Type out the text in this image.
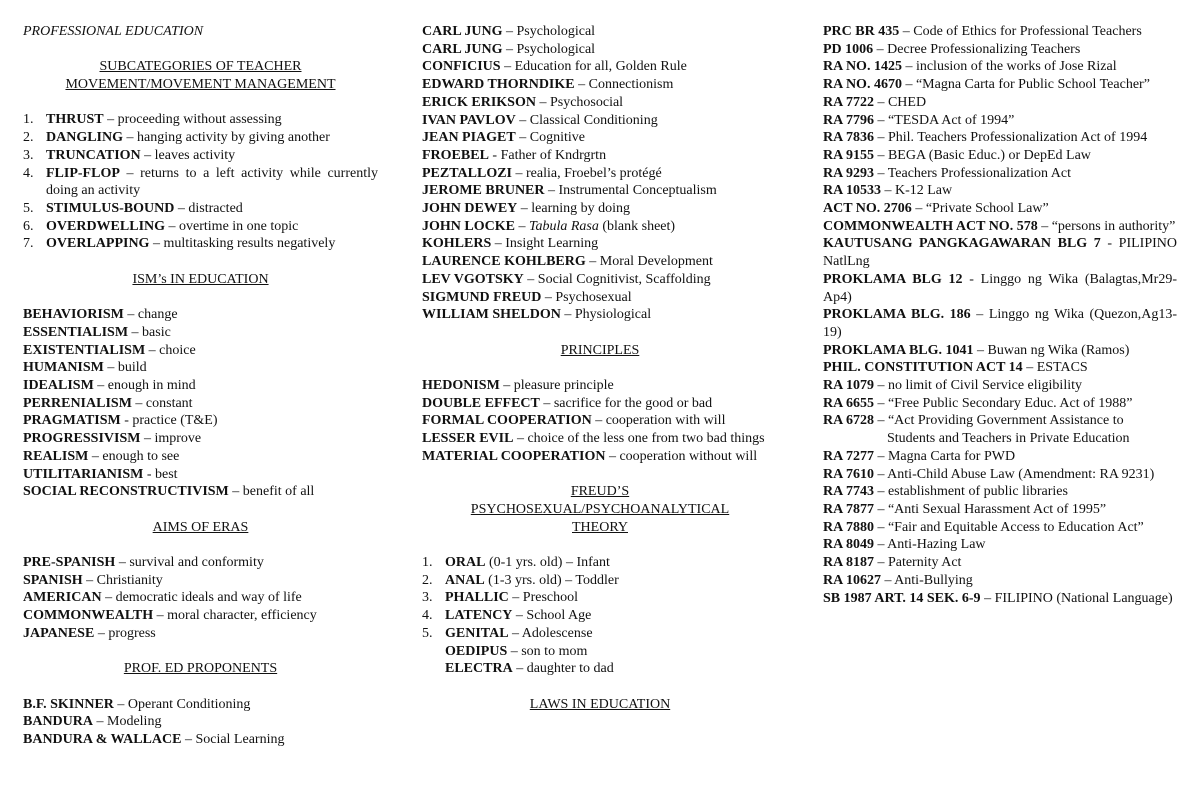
PROFESSIONAL EDUCATION
SUBCATEGORIES OF TEACHER
MOVEMENT/MOVEMENT MANAGEMENT
1. THRUST – proceeding without assessing
2. DANGLING – hanging activity by giving another
3. TRUNCATION – leaves activity
4. FLIP-FLOP – returns to a left activity while currently doing an activity
5. STIMULUS-BOUND – distracted
6. OVERDWELLING – overtime in one topic
7. OVERLAPPING – multitasking results negatively
ISM’s IN EDUCATION
BEHAVIORISM – change
ESSENTIALISM – basic
EXISTENTIALISM – choice
HUMANISM – build
IDEALISM – enough in mind
PERRENIALISM – constant
PRAGMATISM - practice (T&E)
PROGRESSIVISM – improve
REALISM – enough to see
UTILITARIANISM - best
SOCIAL RECONSTRUCTIVISM – benefit of all
AIMS OF ERAS
PRE-SPANISH – survival and conformity
SPANISH – Christianity
AMERICAN – democratic ideals and way of life
COMMONWEALTH – moral character, efficiency
JAPANESE – progress
PROF. ED PROPONENTS
B.F. SKINNER – Operant Conditioning
BANDURA – Modeling
BANDURA & WALLACE – Social Learning
CARL JUNG – Psychological
CARL JUNG – Psychological
CONFICIUS – Education for all, Golden Rule
EDWARD THORNDIKE – Connectionism
ERICK ERIKSON – Psychosocial
IVAN PAVLOV – Classical Conditioning
JEAN PIAGET – Cognitive
FROEBEL - Father of Kndrgrtn
PEZTALLOZI – realia, Froebel’s protégé
JEROME BRUNER – Instrumental Conceptualism
JOHN DEWEY – learning by doing
JOHN LOCKE – Tabula Rasa (blank sheet)
KOHLERS – Insight Learning
LAURENCE KOHLBERG – Moral Development
LEV VGOTSKY – Social Cognitivist, Scaffolding
SIGMUND FREUD – Psychosexual
WILLIAM SHELDON – Physiological
PRINCIPLES
HEDONISM – pleasure principle
DOUBLE EFFECT – sacrifice for the good or bad
FORMAL COOPERATION – cooperation with will
LESSER EVIL – choice of the less one from two bad things
MATERIAL COOPERATION – cooperation without will
FREUD’S
PSYCHOSEXUAL/PSYCHOANALYTICAL
THEORY
1. ORAL (0-1 yrs. old) – Infant
2. ANAL (1-3 yrs. old) – Toddler
3. PHALLIC – Preschool
4. LATENCY – School Age
5. GENITAL – Adolescense
OEDIPUS – son to mom
ELECTRA – daughter to dad
LAWS IN EDUCATION
PRC BR 435 – Code of Ethics for Professional Teachers
PD 1006 – Decree Professionalizing Teachers
RA NO. 1425 – inclusion of the works of Jose Rizal
RA NO. 4670 – “Magna Carta for Public School Teacher”
RA 7722 – CHED
RA 7796 – “TESDA Act of 1994”
RA 7836 – Phil. Teachers Professionalization Act of 1994
RA 9155 – BEGA (Basic Educ.) or DepEd Law
RA 9293 – Teachers Professionalization Act
RA 10533 – K-12 Law
ACT NO. 2706 – “Private School Law”
COMMONWEALTH ACT NO. 578 – “persons in authority”
KAUTUSANG PANGKAGAWARAN BLG 7 - PILIPINO NatlLng
PROKLAMA BLG 12 - Linggo ng Wika (Balagtas,Mr29-Ap4)
PROKLAMA BLG. 186 – Linggo ng Wika (Quezon,Ag13-19)
PROKLAMA BLG. 1041 – Buwan ng Wika (Ramos)
PHIL. CONSTITUTION ACT 14 – ESTACS
RA 1079 – no limit of Civil Service eligibility
RA 6655 – “Free Public Secondary Educ. Act of 1988”
RA 6728 – “Act Providing Government Assistance to
Students and Teachers in Private Education
RA 7277 – Magna Carta for PWD
RA 7610 – Anti-Child Abuse Law (Amendment: RA 9231)
RA 7743 – establishment of public libraries
RA 7877 – “Anti Sexual Harassment Act of 1995”
RA 7880 – “Fair and Equitable Access to Education Act”
RA 8049 – Anti-Hazing Law
RA 8187 – Paternity Act
RA 10627 – Anti-Bullying
SB 1987 ART. 14 SEK. 6-9 – FILIPINO (National Language)
